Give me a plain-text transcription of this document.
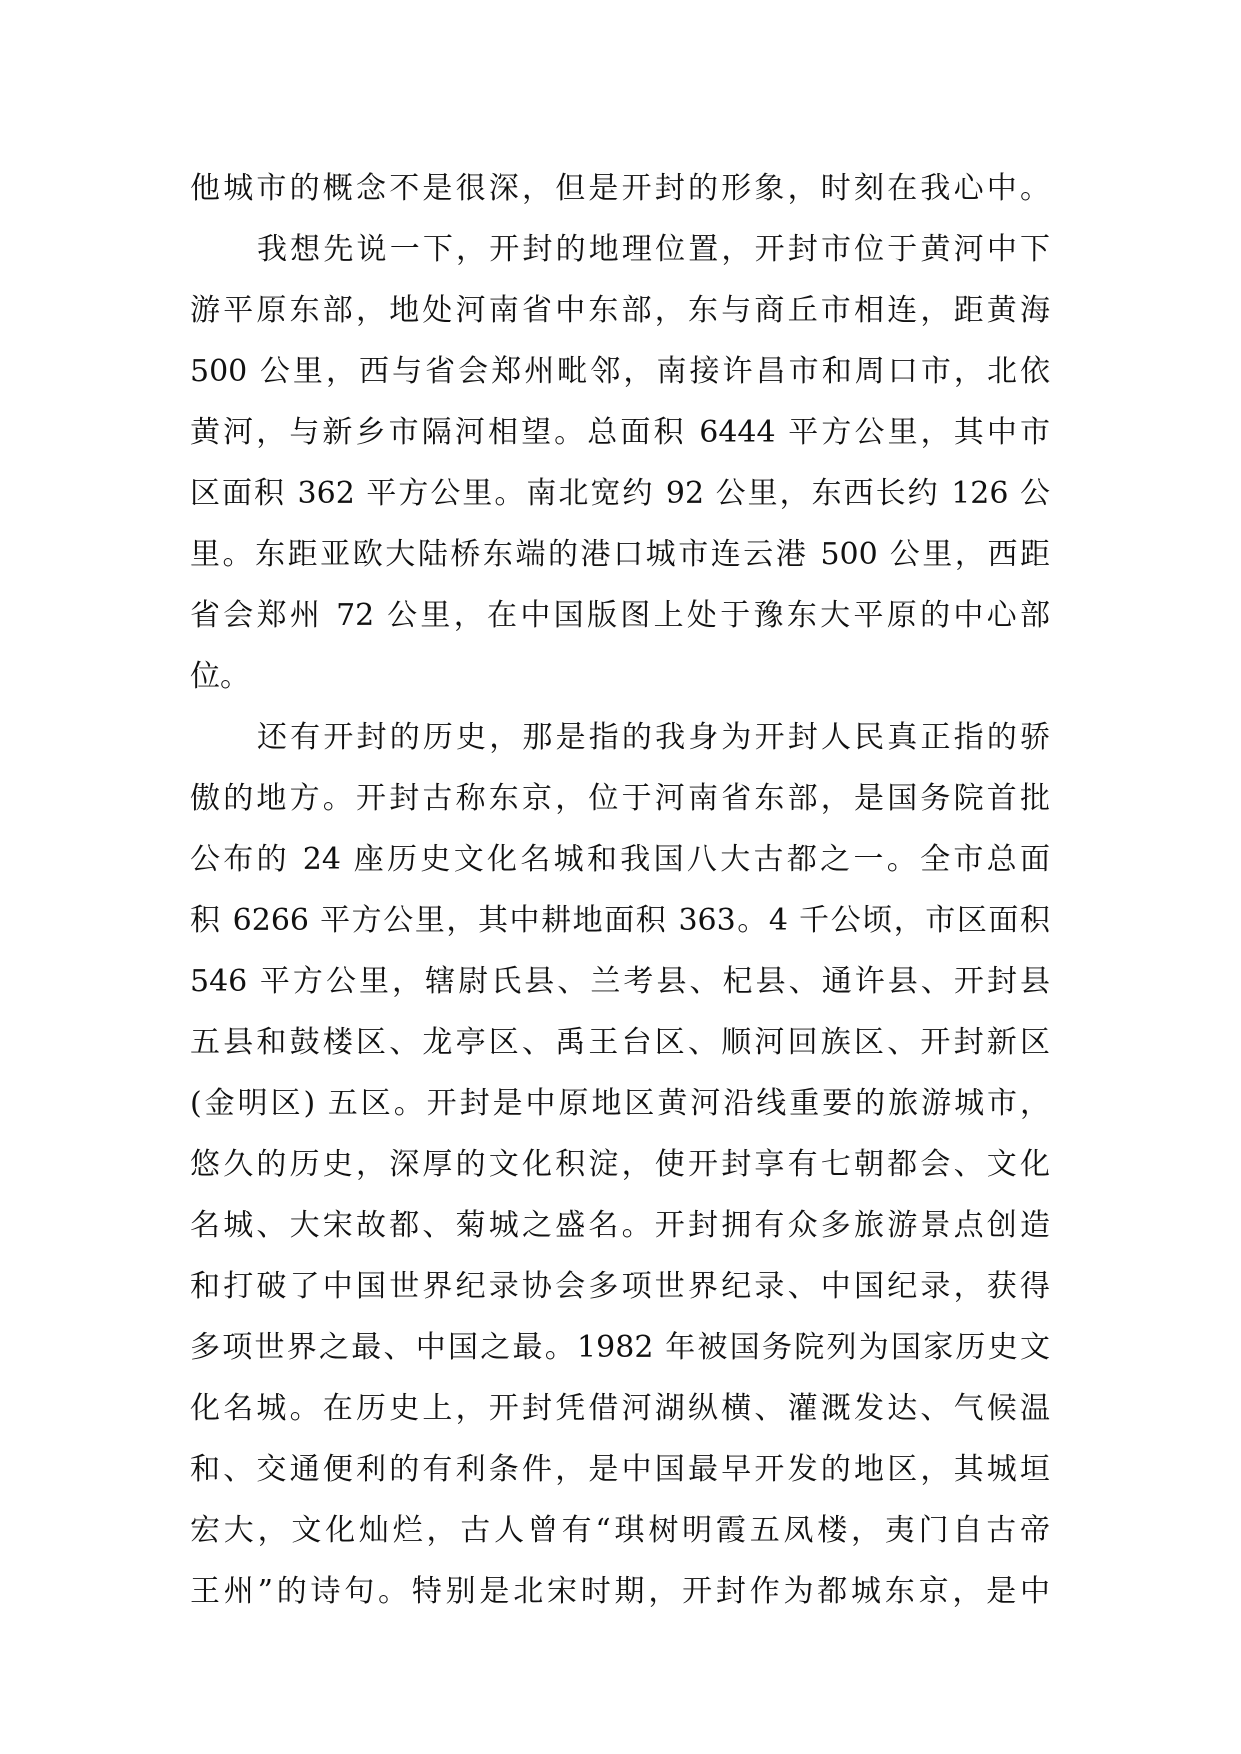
他城市的概念不是很深，但是开封的形象，时刻在我心中。
我想先说一下，开封的地理位置，开封市位于黄河中下
游平原东部，地处河南省中东部，东与商丘市相连，距黄海
500 公里，西与省会郑州毗邻，南接许昌市和周口市，北依
黄河，与新乡市隔河相望。总面积 6444 平方公里，其中市
区面积 362 平方公里。南北宽约 92 公里，东西长约 126 公
里。东距亚欧大陆桥东端的港口城市连云港 500 公里，西距
省会郑州 72 公里，在中国版图上处于豫东大平原的中心部
位。
还有开封的历史，那是指的我身为开封人民真正指的骄
傲的地方。开封古称东京，位于河南省东部，是国务院首批
公布的 24 座历史文化名城和我国八大古都之一。全市总面
积 6266 平方公里，其中耕地面积 363。4 千公顷，市区面积
546 平方公里，辖尉氏县、兰考县、杞县、通许县、开封县
五县和鼓楼区、龙亭区、禹王台区、顺河回族区、开封新区
(金明区) 五区。开封是中原地区黄河沿线重要的旅游城市，
悠久的历史，深厚的文化积淀，使开封享有七朝都会、文化
名城、大宋故都、菊城之盛名。开封拥有众多旅游景点创造
和打破了中国世界纪录协会多项世界纪录、中国纪录，获得
多项世界之最、中国之最。1982 年被国务院列为国家历史文
化名城。在历史上，开封凭借河湖纵横、灌溉发达、气候温
和、交通便利的有利条件，是中国最早开发的地区，其城垣
宏大，文化灿烂，古人曾有“琪树明霞五凤楼，夷门自古帝
王州”的诗句。特别是北宋时期，开封作为都城东京，是中
